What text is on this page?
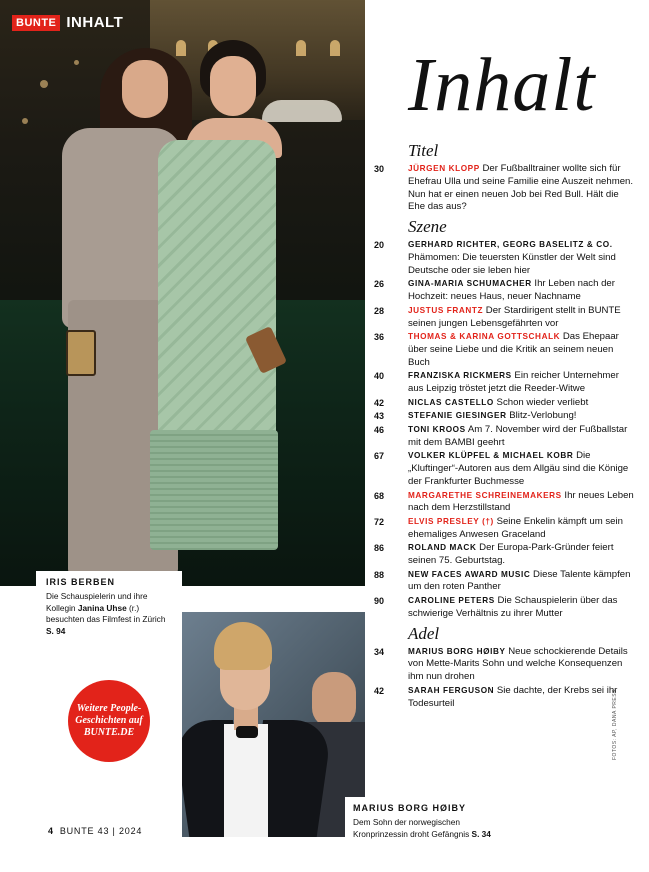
BUNTE INHALT
IRIS BERBEN
Die Schauspielerin und ihre Kollegin Janina Uhse (r.) besuchten das Filmfest in Zürich S. 94
Weitere People-Geschichten auf BUNTE.DE
MARIUS BORG HØIBY
Dem Sohn der norwegischen Kronprinzessin droht Gefängnis S. 34
4 BUNTE 43 | 2024
FOTOS: AP, DANA PRESS
Inhalt
Titel
30	JÜRGEN KLOPP Der Fußballtrainer wollte sich für Ehefrau Ulla und seine Familie eine Auszeit nehmen. Nun hat er einen neuen Job bei Red Bull. Hält die Ehe das aus?
Szene
20	GERHARD RICHTER, GEORG BASELITZ & CO. Phämomen: Die teuersten Künstler der Welt sind Deutsche oder sie leben hier
26	GINA-MARIA SCHUMACHER Ihr Leben nach der Hochzeit: neues Haus, neuer Nachname
28	JUSTUS FRANTZ Der Stardirigent stellt in BUNTE seinen jungen Lebensgefährten vor
36	THOMAS & KARINA GOTTSCHALK Das Ehepaar über seine Liebe und die Kritik an seinem neuen Buch
40	FRANZISKA RICKMERS Ein reicher Unternehmer aus Leipzig tröstet jetzt die Reeder-Witwe
42	NICLAS CASTELLO Schon wieder verliebt
43	STEFANIE GIESINGER Blitz-Verlobung!
46	TONI KROOS Am 7. November wird der Fußballstar mit dem BAMBI geehrt
67	VOLKER KLÜPFEL & MICHAEL KOBR Die „Kluftinger“-Autoren aus dem Allgäu sind die Könige der Frankfurter Buchmesse
68	MARGARETHE SCHREINEMAKERS Ihr neues Leben nach dem Herzstillstand
72	ELVIS PRESLEY (†) Seine Enkelin kämpft um sein ehemaliges Anwesen Graceland
86	ROLAND MACK Der Europa-Park-Gründer feiert seinen 75. Geburtstag.
88	NEW FACES AWARD MUSIC Diese Talente kämpfen um den roten Panther
90	CAROLINE PETERS Die Schauspielerin über das schwierige Verhältnis zu ihrer Mutter
Adel
34	MARIUS BORG HØIBY Neue schockierende Details von Mette-Marits Sohn und welche Konsequenzen ihm nun drohen
42	SARAH FERGUSON Sie dachte, der Krebs sei ihr Todesurteil
